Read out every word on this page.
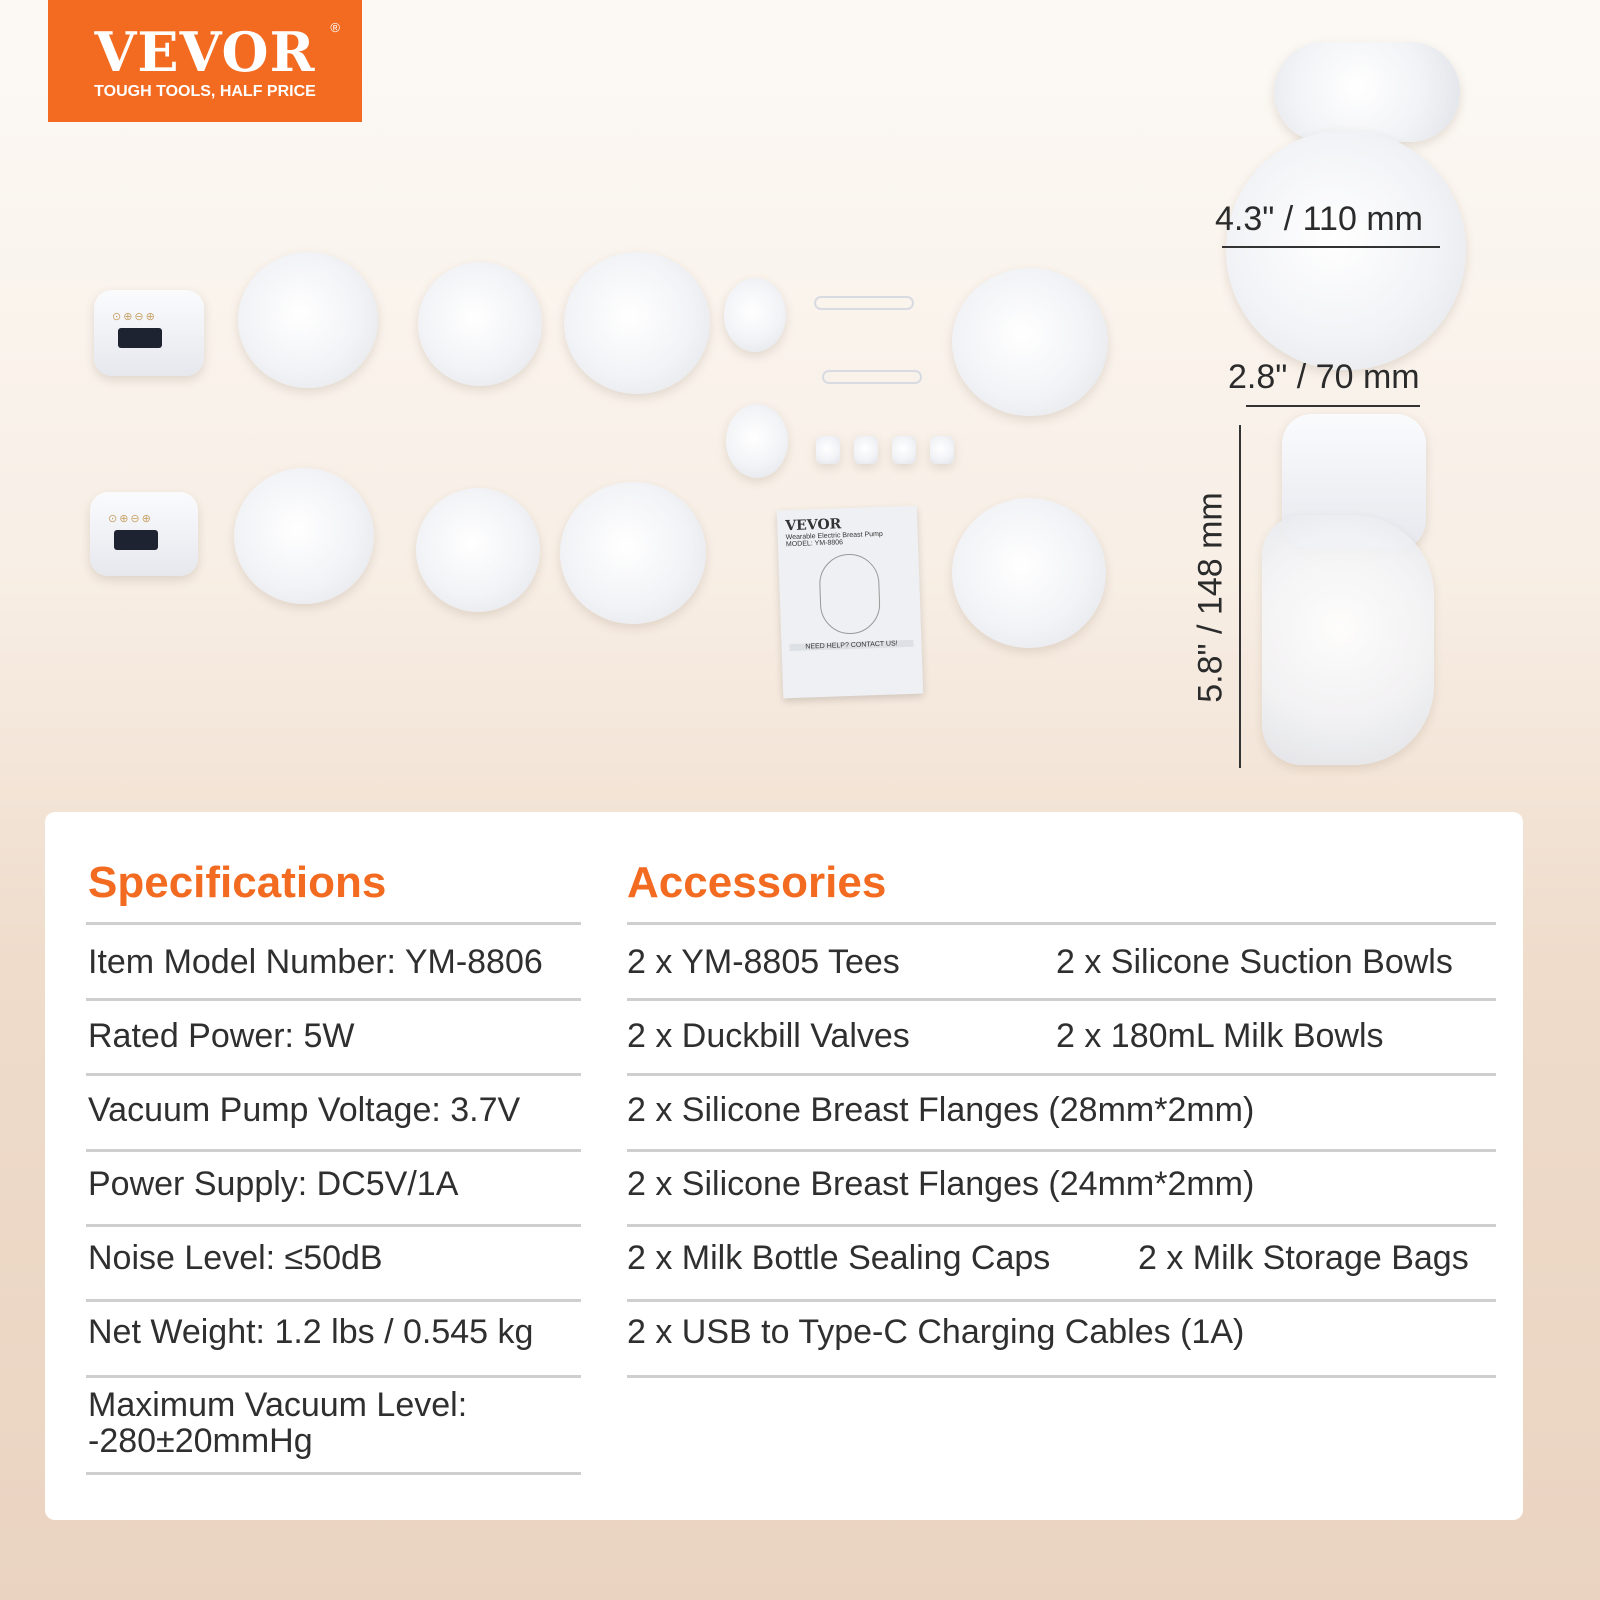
VEVOR	®
TOUGH TOOLS, HALF PRICE
⊙⊕⊖⊕
⊙⊕⊖⊕	VEVOR
Wearable Electric Breast Pump
MODEL: YM-8806
NEED HELP? CONTACT US!
4.3" / 110 mm
2.8" / 70 mm
5.8" / 148 mm
Specifications	Accessories
Item Model Number: YM-8806
Rated Power: 5W
Vacuum Pump Voltage: 3.7V
Power Supply: DC5V/1A
Noise Level: ≤50dB
Net Weight: 1.2 lbs / 0.545 kg
Maximum Vacuum Level:
-280±20mmHg
2 x YM-8805 Tees	2 x Silicone Suction Bowls
2 x Duckbill Valves	2 x 180mL Milk Bowls
2 x Silicone Breast Flanges (28mm*2mm)
2 x Silicone Breast Flanges (24mm*2mm)
2 x Milk Bottle Sealing Caps	2 x Milk Storage Bags
2 x USB to Type-C Charging Cables (1A)
